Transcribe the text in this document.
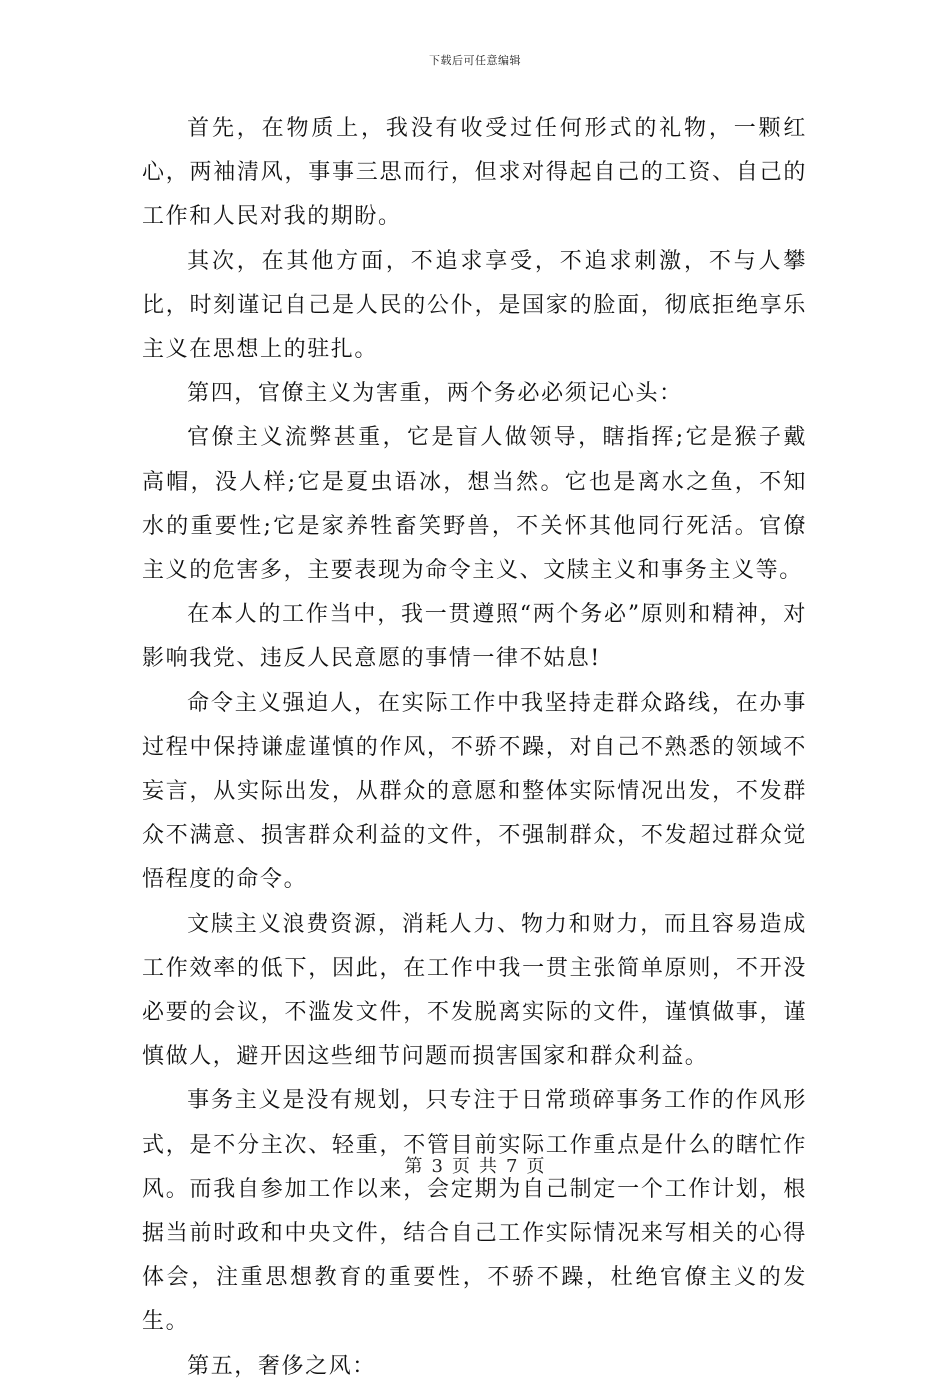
下载后可任意编辑

首先，在物质上，我没有收受过任何形式的礼物，一颗红心，两袖清风，事事三思而行，但求对得起自己的工资、自己的工作和人民对我的期盼。

其次，在其他方面，不追求享受，不追求刺激，不与人攀比，时刻谨记自己是人民的公仆，是国家的脸面，彻底拒绝享乐主义在思想上的驻扎。

第四，官僚主义为害重，两个务必必须记心头：

官僚主义流弊甚重，它是盲人做领导，瞎指挥;它是猴子戴高帽，没人样;它是夏虫语冰，想当然。它也是离水之鱼，不知水的重要性;它是家养牲畜笑野兽，不关怀其他同行死活。官僚主义的危害多，主要表现为命令主义、文牍主义和事务主义等。

在本人的工作当中，我一贯遵照“两个务必”原则和精神，对影响我党、违反人民意愿的事情一律不姑息!

命令主义强迫人，在实际工作中我坚持走群众路线，在办事过程中保持谦虚谨慎的作风，不骄不躁，对自己不熟悉的领域不妄言，从实际出发，从群众的意愿和整体实际情况出发，不发群众不满意、损害群众利益的文件，不强制群众，不发超过群众觉悟程度的命令。

文牍主义浪费资源，消耗人力、物力和财力，而且容易造成工作效率的低下，因此，在工作中我一贯主张简单原则，不开没必要的会议，不滥发文件，不发脱离实际的文件，谨慎做事，谨慎做人，避开因这些细节问题而损害国家和群众利益。

事务主义是没有规划，只专注于日常琐碎事务工作的作风形式，是不分主次、轻重，不管目前实际工作重点是什么的瞎忙作风。而我自参加工作以来，会定期为自己制定一个工作计划，根据当前时政和中央文件，结合自己工作实际情况来写相关的心得体会，注重思想教育的重要性，不骄不躁，杜绝官僚主义的发生。

第五，奢侈之风：

第 3 页 共 7 页
